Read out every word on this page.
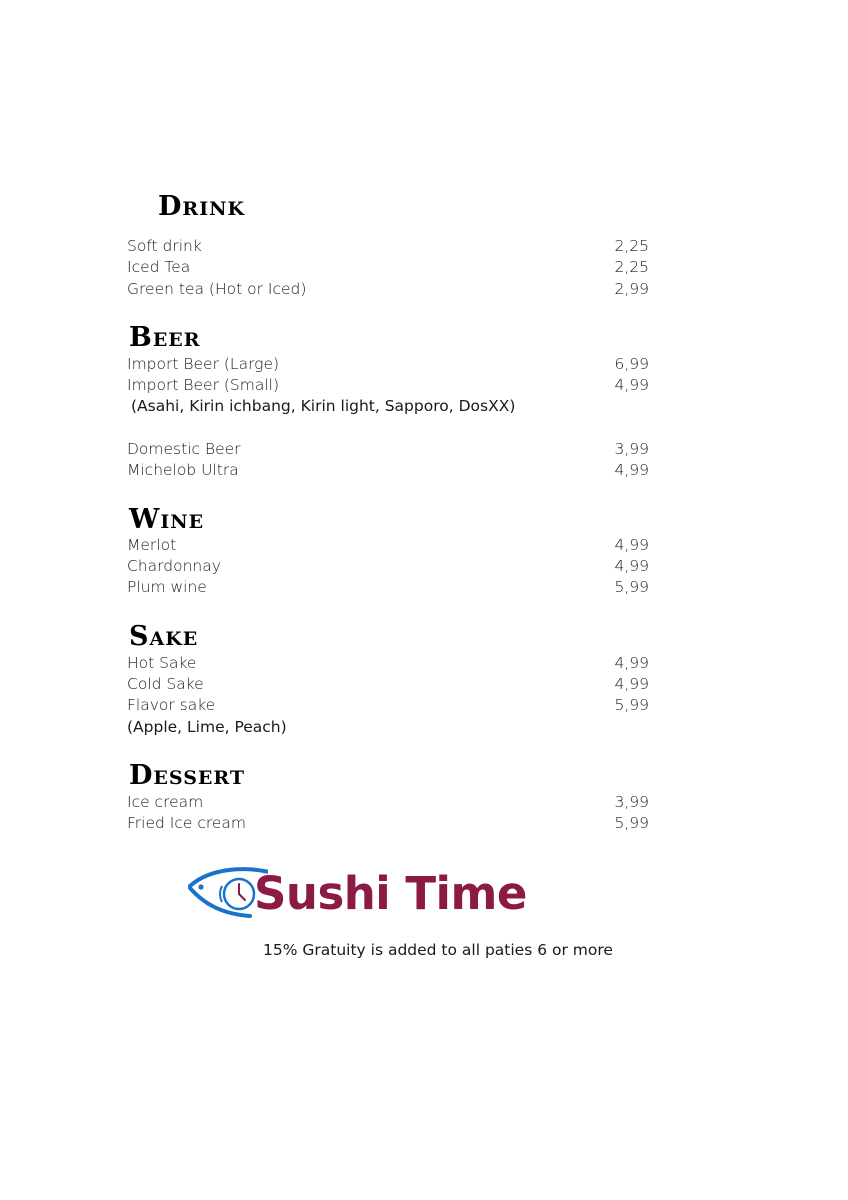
Drink
Soft drink	2,25
Iced Tea	2,25
Green tea (Hot or Iced)	2,99
Beer
Import Beer (Large)	6,99
Import Beer (Small)	4,99
(Asahi, Kirin ichbang, Kirin light, Sapporo, DosXX)
Domestic Beer	3,99
Michelob Ultra	4,99
Wine
Merlot	4,99
Chardonnay	4,99
Plum wine	5,99
Sake
Hot Sake	4,99
Cold Sake	4,99
Flavor sake	5,99
(Apple, Lime, Peach)
Dessert
Ice cream	3,99
Fried Ice cream	5,99
Sushi Time
15% Gratuity is added to all paties 6 or more
